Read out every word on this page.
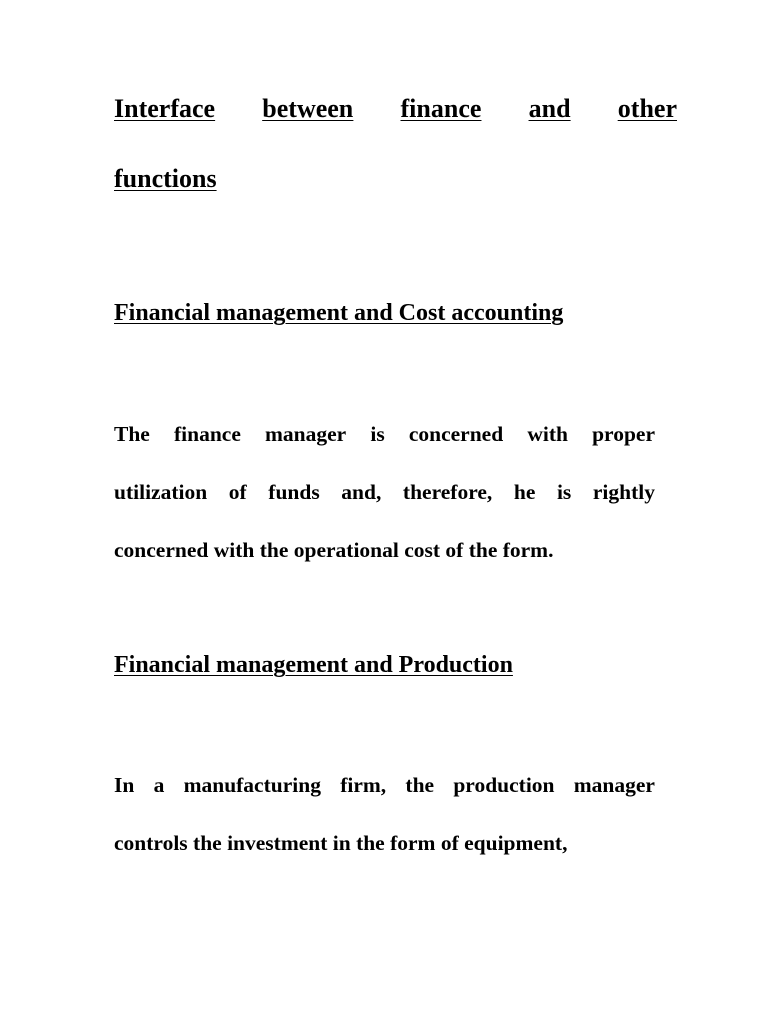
Interface between finance and other
functions
Financial management and Cost accounting
The finance manager is concerned with proper
utilization of funds and, therefore, he is rightly
concerned with the operational cost of the form.
Financial management and Production
In a manufacturing firm, the production manager
controls the investment in the form of equipment,
